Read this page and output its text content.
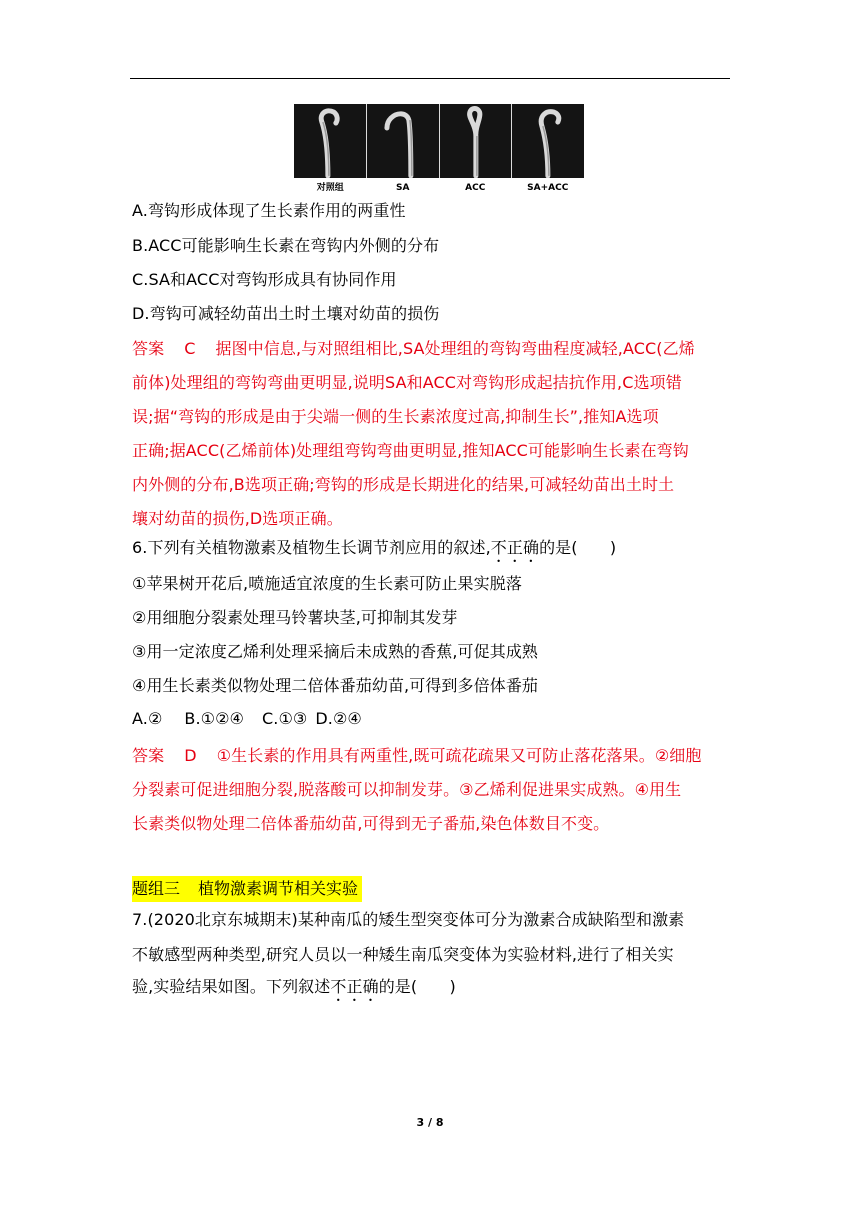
对照组	SA	ACC	SA+ACC
A.弯钩形成体现了生长素作用的两重性
B.ACC可能影响生长素在弯钩内外侧的分布
C.SA和ACC对弯钩形成具有协同作用
D.弯钩可减轻幼苗出土时土壤对幼苗的损伤
答案 C 据图中信息,与对照组相比,SA处理组的弯钩弯曲程度减轻,ACC(乙烯
前体)处理组的弯钩弯曲更明显,说明SA和ACC对弯钩形成起拮抗作用,C选项错
误;据“弯钩的形成是由于尖端一侧的生长素浓度过高,抑制生长”,推知A选项
正确;据ACC(乙烯前体)处理组弯钩弯曲更明显,推知ACC可能影响生长素在弯钩
内外侧的分布,B选项正确;弯钩的形成是长期进化的结果,可减轻幼苗出土时土
壤对幼苗的损伤,D选项正确。
6.下列有关植物激素及植物生长调节剂应用的叙述,不正确的是(　　)
①苹果树开花后,喷施适宜浓度的生长素可防止果实脱落
②用细胞分裂素处理马铃薯块茎,可抑制其发芽
③用一定浓度乙烯利处理采摘后未成熟的香蕉,可促其成熟
④用生长素类似物处理二倍体番茄幼苗,可得到多倍体番茄
A.② B.①②④ C.①③ D.②④
答案 D ①生长素的作用具有两重性,既可疏花疏果又可防止落花落果。②细胞
分裂素可促进细胞分裂,脱落酸可以抑制发芽。③乙烯利促进果实成熟。④用生
长素类似物处理二倍体番茄幼苗,可得到无子番茄,染色体数目不变。
题组三 植物激素调节相关实验
7.(2020北京东城期末)某种南瓜的矮生型突变体可分为激素合成缺陷型和激素
不敏感型两种类型,研究人员以一种矮生南瓜突变体为实验材料,进行了相关实
验,实验结果如图。下列叙述不正确的是(　　)
3 / 8
